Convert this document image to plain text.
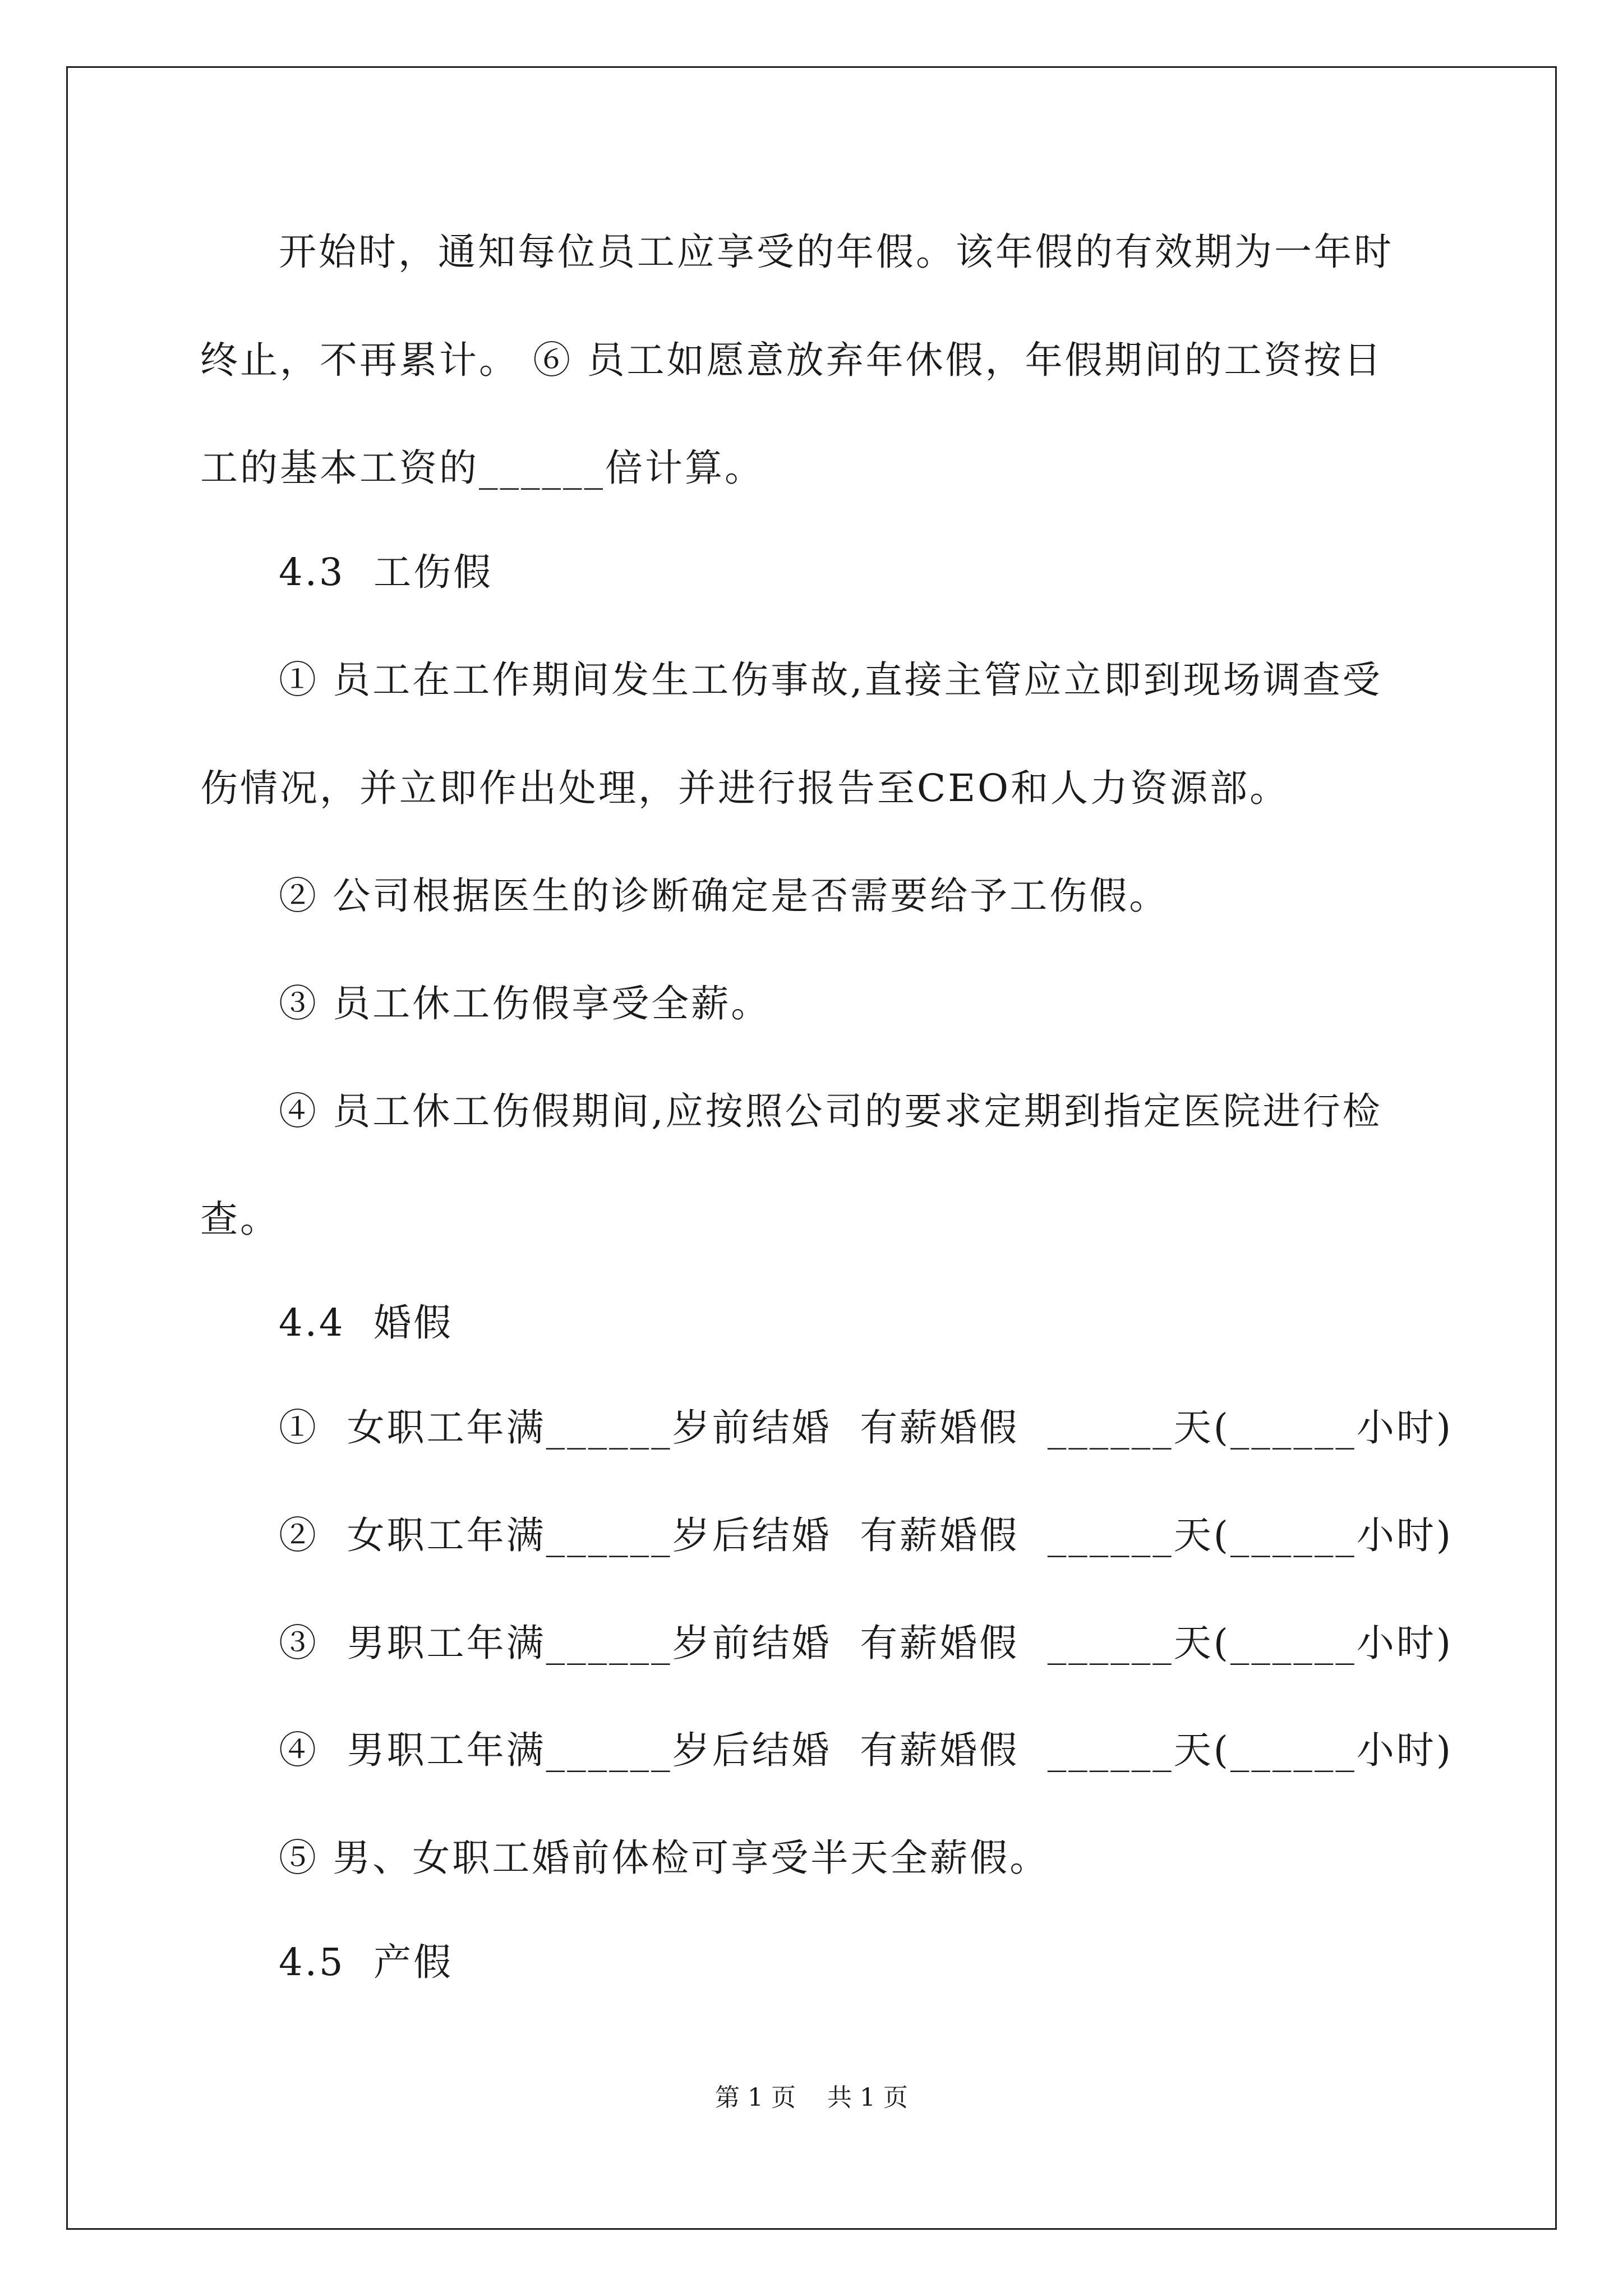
开始时，通知每位员工应享受的年假。该年假的有效期为一年时

终止，不再累计。 ⑥ 员工如愿意放弃年休假，年假期间的工资按日

工的基本工资的______倍计算。

4.3  工伤假

① 员工在工作期间发生工伤事故,直接主管应立即到现场调查受

伤情况，并立即作出处理，并进行报告至CEO和人力资源部。

② 公司根据医生的诊断确定是否需要给予工伤假。

③ 员工休工伤假享受全薪。

④ 员工休工伤假期间,应按照公司的要求定期到指定医院进行检

查。

4.4  婚假

①  女职工年满______岁前结婚  有薪婚假  ______天(______小时)

②  女职工年满______岁后结婚  有薪婚假  ______天(______小时)

③  男职工年满______岁前结婚  有薪婚假  ______天(______小时)

④  男职工年满______岁后结婚  有薪婚假  ______天(______小时)

⑤ 男、女职工婚前体检可享受半天全薪假。

4.5  产假

第 1 页    共 1 页
